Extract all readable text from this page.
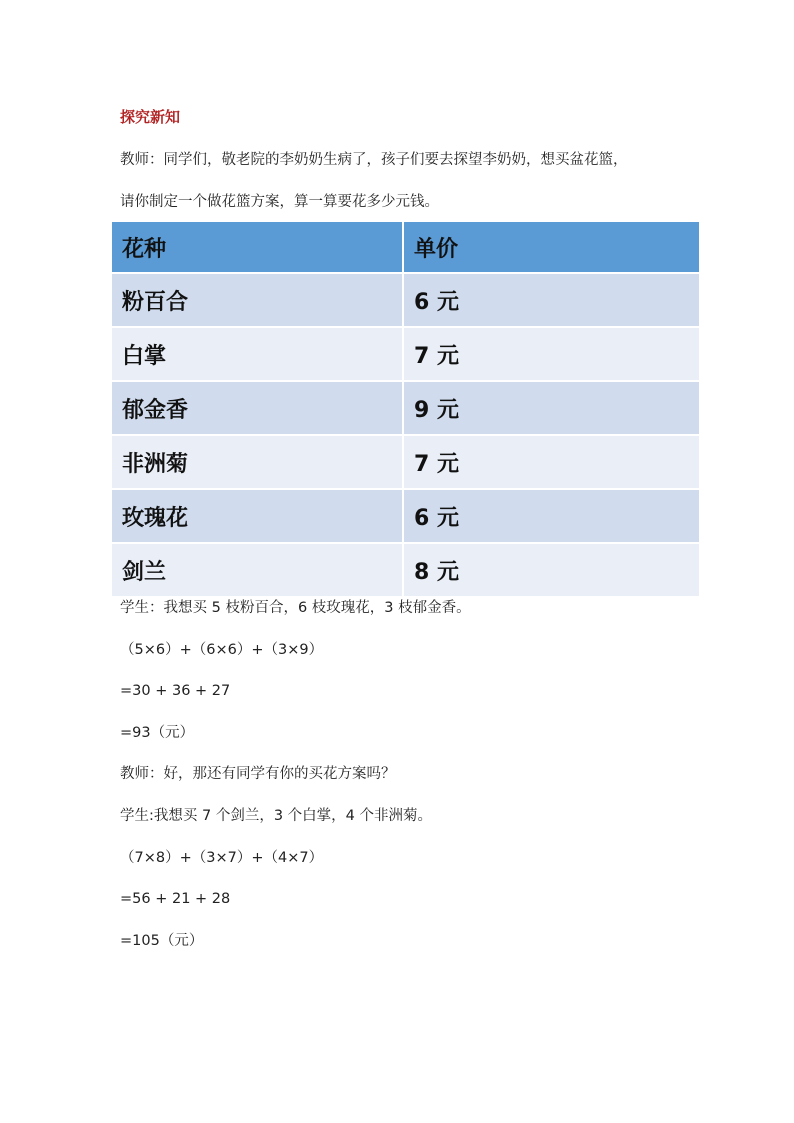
探究新知
教师：同学们，敬老院的李奶奶生病了，孩子们要去探望李奶奶，想买盆花篮，
请你制定一个做花篮方案，算一算要花多少元钱。
花种	单价
粉百合	6 元
白掌	7 元
郁金香	9 元
非洲菊	7 元
玫瑰花	6 元
剑兰	8 元
学生：我想买 5 枝粉百合，6 枝玫瑰花，3 枝郁金香。
（5×6）+（6×6）+（3×9）
=30 + 36 + 27
=93（元）
教师：好，那还有同学有你的买花方案吗？
学生:我想买 7 个剑兰，3 个白掌，4 个非洲菊。
（7×8）+（3×7）+（4×7）
=56 + 21 + 28
=105（元）
